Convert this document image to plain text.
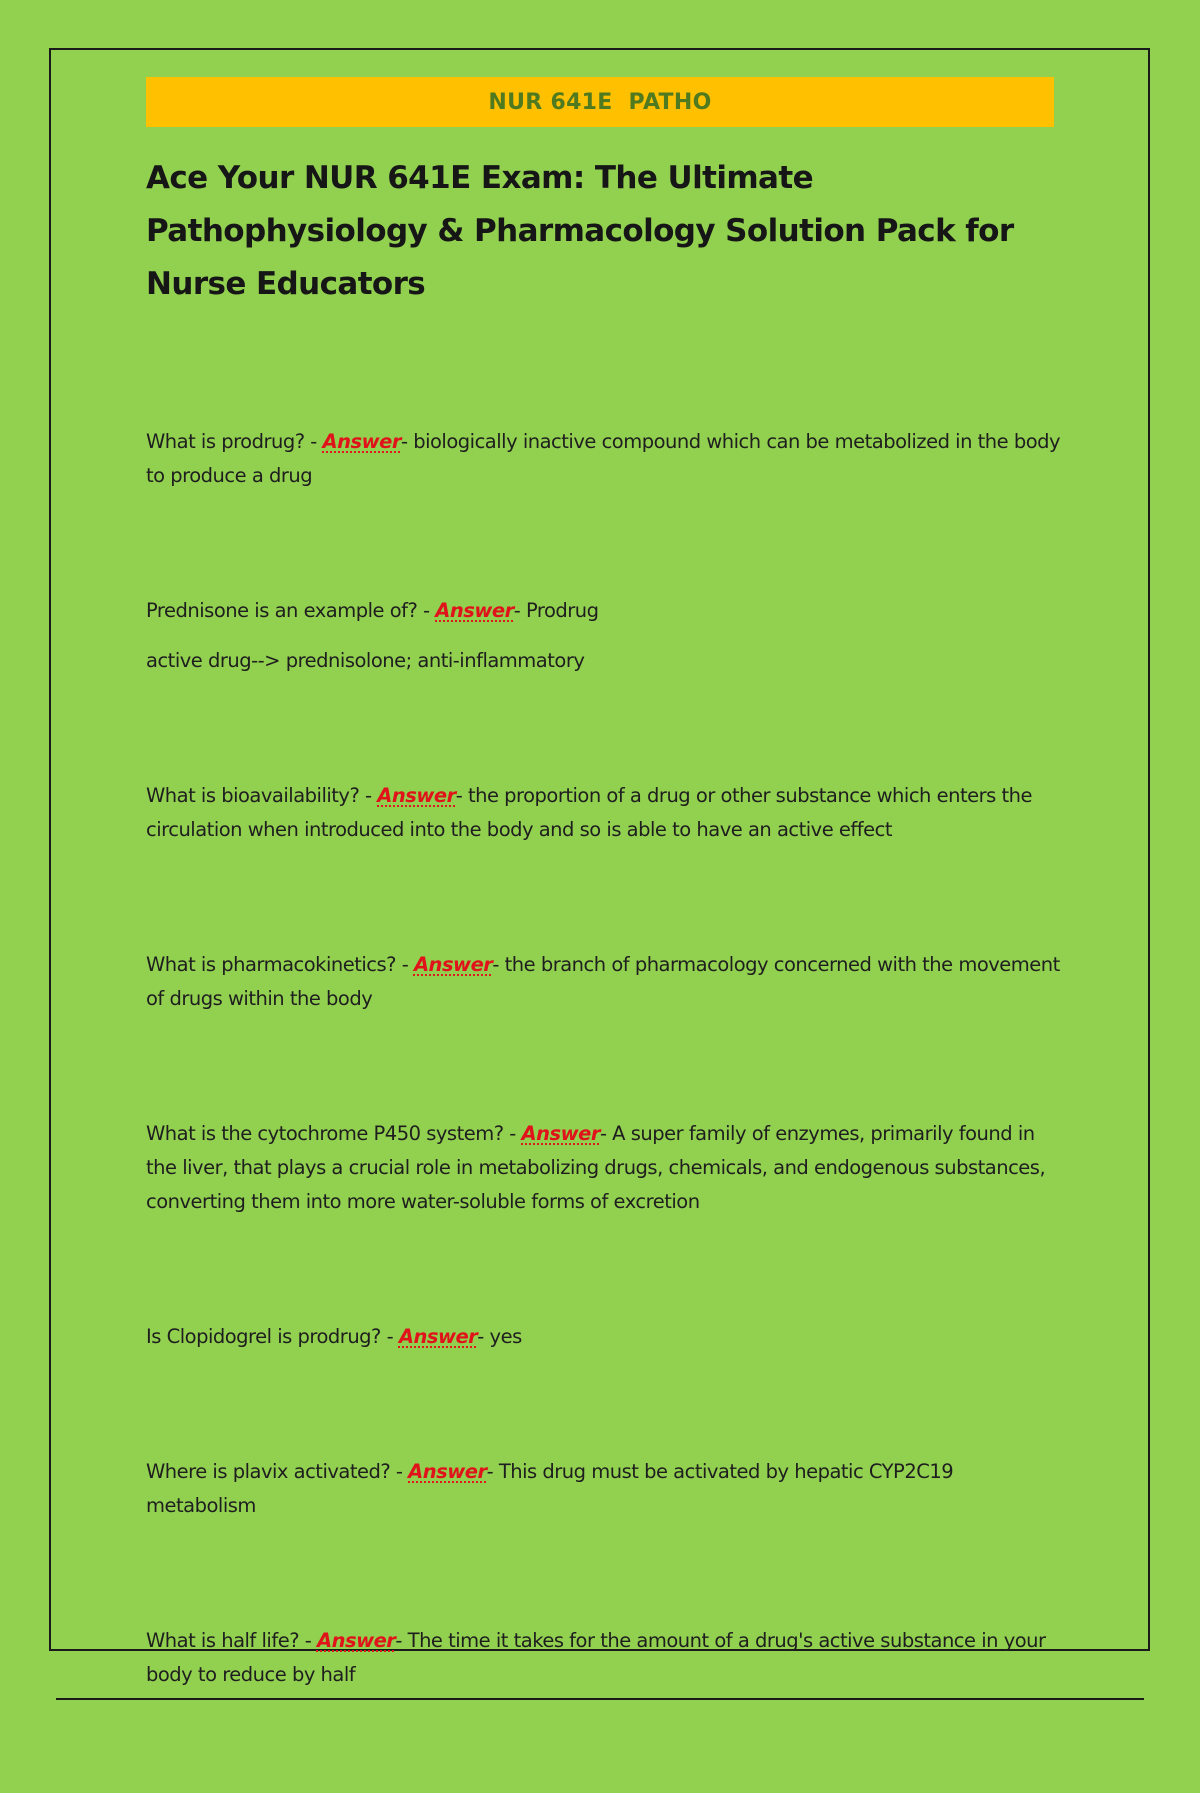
NUR 641E  PATHO
Ace Your NUR 641E Exam: The Ultimate Pathophysiology & Pharmacology Solution Pack for Nurse Educators

What is prodrug? - Answer- biologically inactive compound which can be metabolized in the body to produce a drug

Prednisone is an example of? - Answer- Prodrug

active drug--> prednisolone; anti-inflammatory

What is bioavailability? - Answer- the proportion of a drug or other substance which enters the circulation when introduced into the body and so is able to have an active effect

What is pharmacokinetics? - Answer- the branch of pharmacology concerned with the movement of drugs within the body

What is the cytochrome P450 system? - Answer- A super family of enzymes, primarily found in the liver, that plays a crucial role in metabolizing drugs, chemicals, and endogenous substances, converting them into more water-soluble forms of excretion

Is Clopidogrel is prodrug? - Answer- yes

Where is plavix activated? - Answer- This drug must be activated by hepatic CYP2C19 metabolism

What is half life? - Answer- The time it takes for the amount of a drug's active substance in your body to reduce by half
